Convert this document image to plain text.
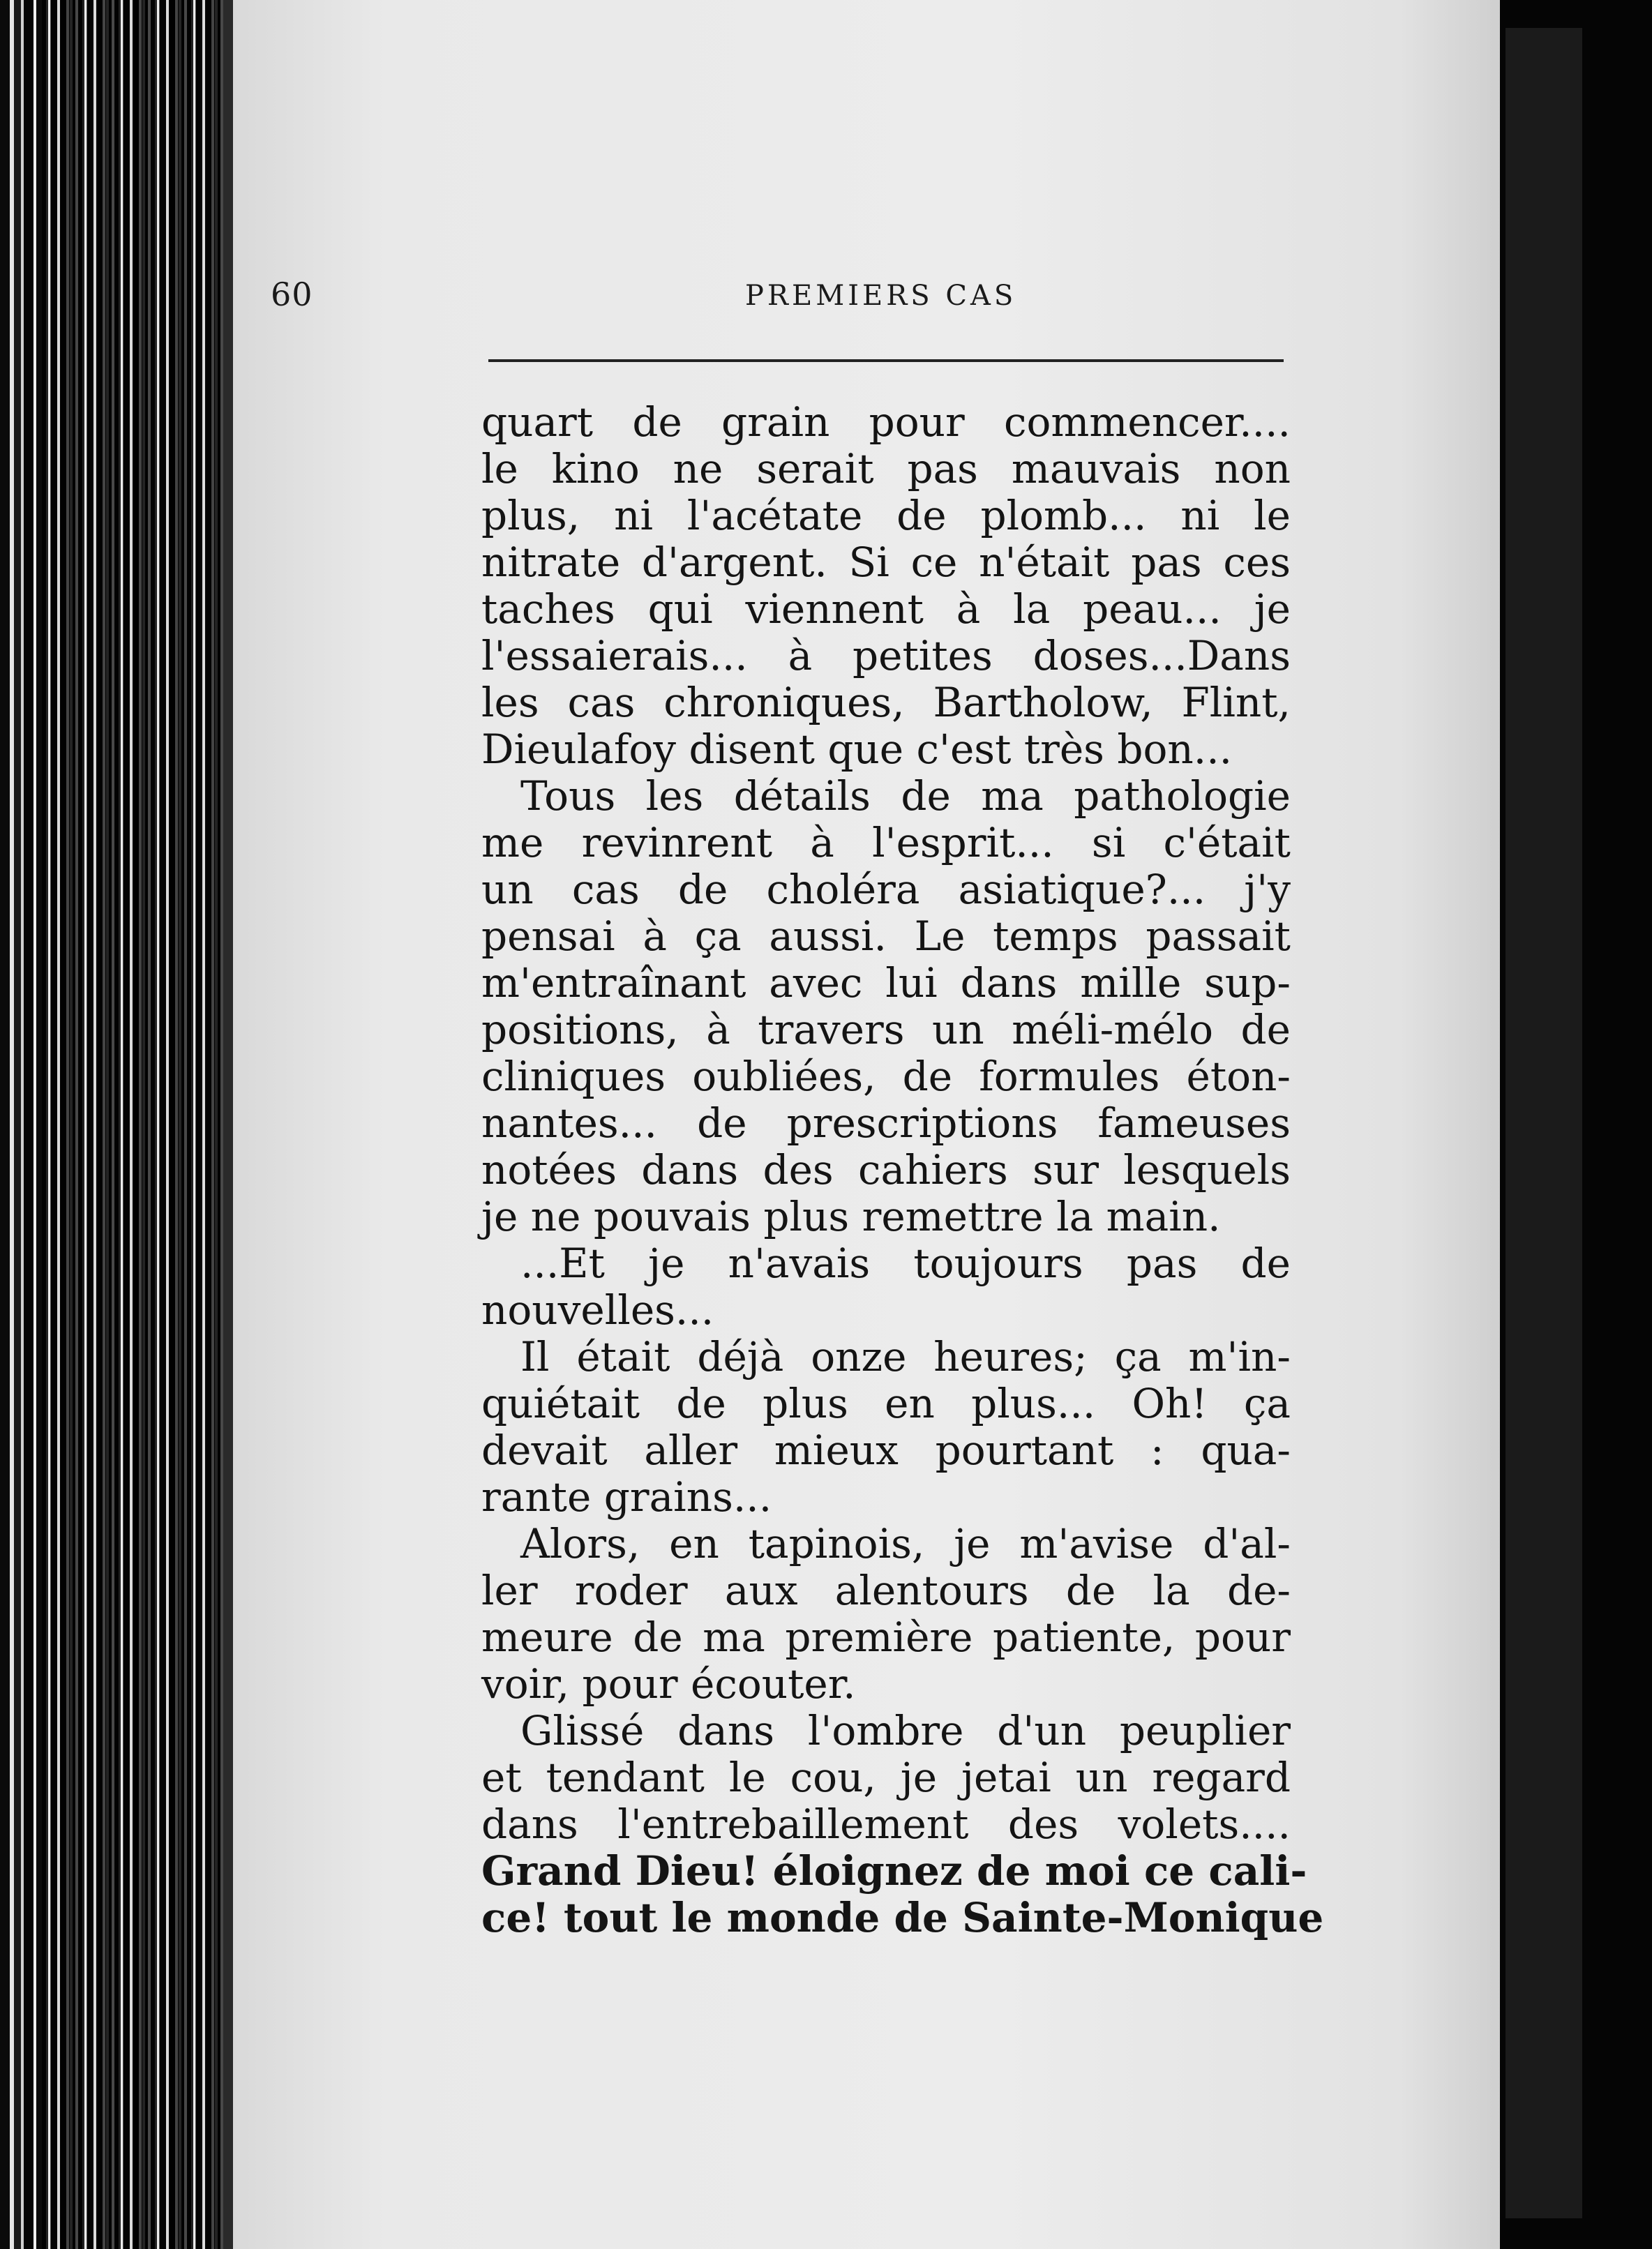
60	PREMIERS CAS
quart de grain pour commencer....
le kino ne serait pas mauvais non
plus, ni l'acétate de plomb... ni le
nitrate d'argent. Si ce n'était pas ces
taches qui viennent à la peau... je
l'essaierais... à petites doses...Dans
les cas chroniques, Bartholow, Flint,
Dieulafoy disent que c'est très bon...
Tous les détails de ma pathologie
me revinrent à l'esprit... si c'était
un cas de choléra asiatique?... j'y
pensai à ça aussi. Le temps passait
m'entraînant avec lui dans mille sup-
positions, à travers un méli-mélo de
cliniques oubliées, de formules éton-
nantes... de prescriptions fameuses
notées dans des cahiers sur lesquels
je ne pouvais plus remettre la main.
...Et je n'avais toujours pas de
nouvelles...
Il était déjà onze heures; ça m'in-
quiétait de plus en plus... Oh! ça
devait aller mieux pourtant : qua-
rante grains...
Alors, en tapinois, je m'avise d'al-
ler roder aux alentours de la de-
meure de ma première patiente, pour
voir, pour écouter.
Glissé dans l'ombre d'un peuplier
et tendant le cou, je jetai un regard
dans l'entrebaillement des volets....
Grand Dieu! éloignez de moi ce cali-
ce! tout le monde de Sainte-Monique
